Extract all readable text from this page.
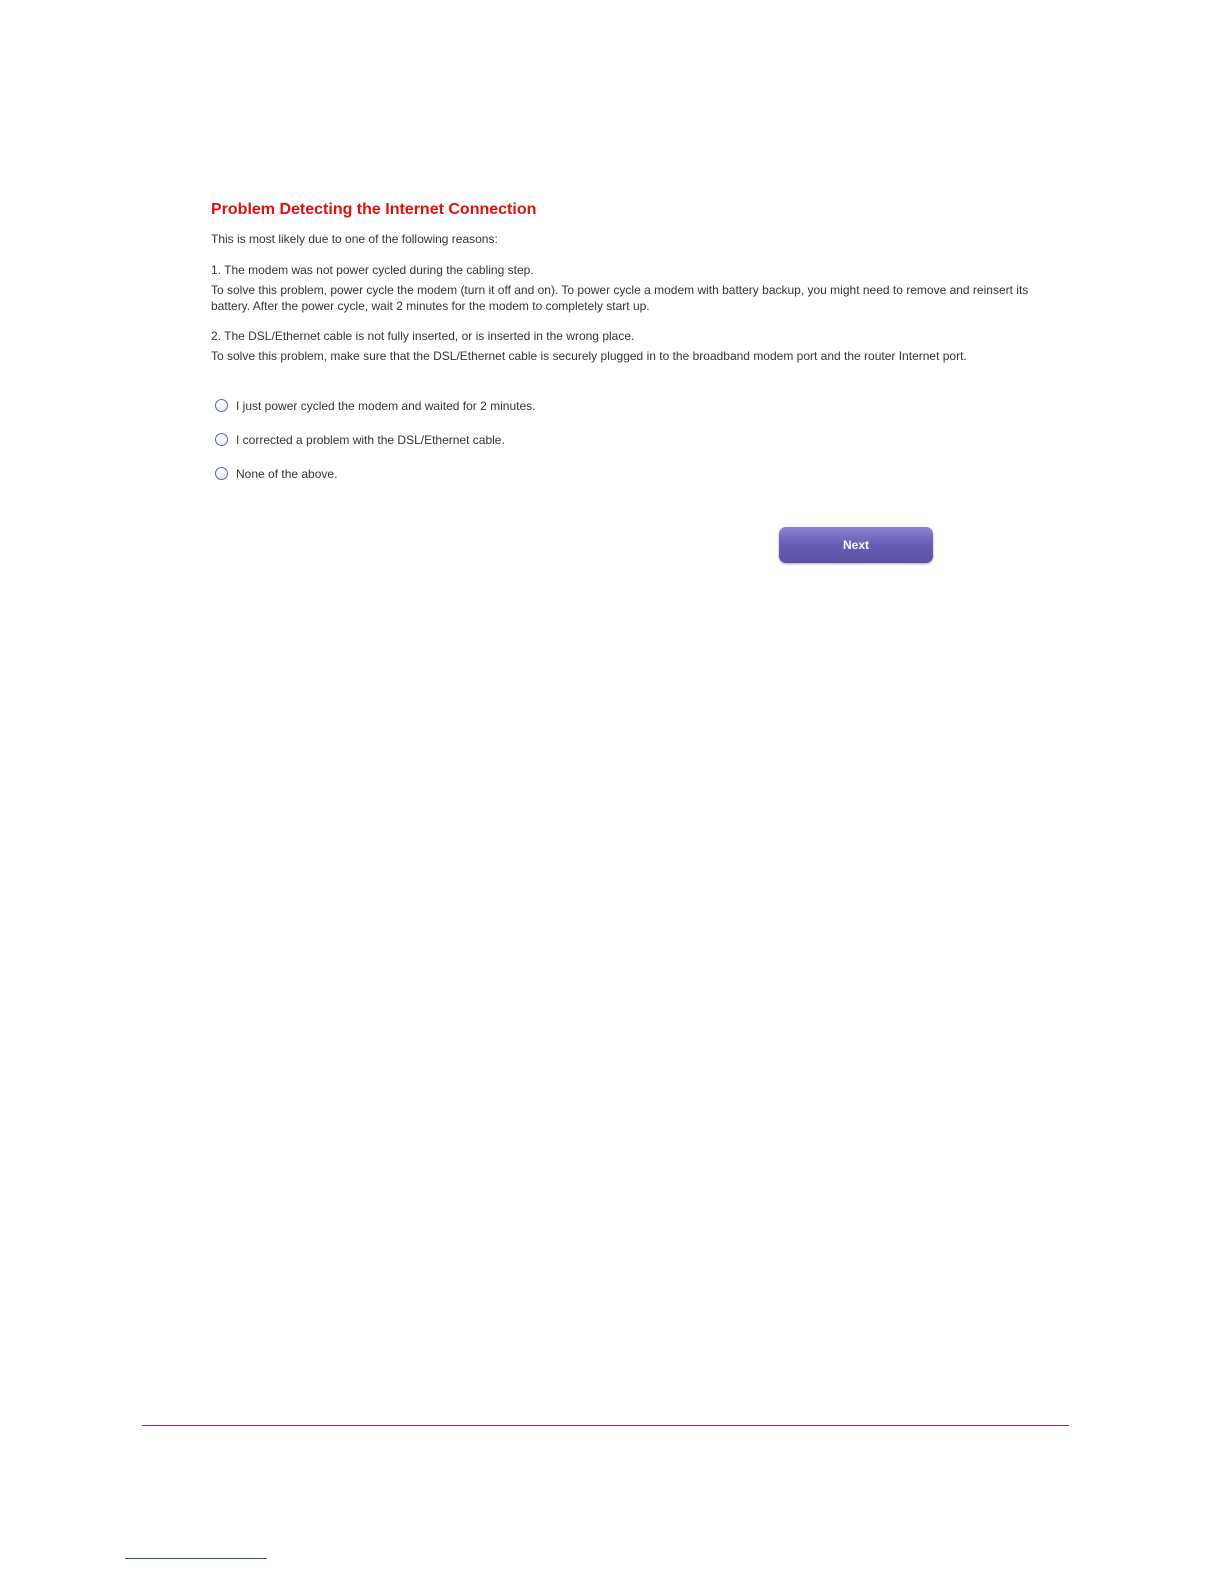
Problem Detecting the Internet Connection
This is most likely due to one of the following reasons:
1. The modem was not power cycled during the cabling step.
To solve this problem, power cycle the modem (turn it off and on). To power cycle a modem with battery backup, you might need to remove and reinsert its battery. After the power cycle, wait 2 minutes for the modem to completely start up.
2. The DSL/Ethernet cable is not fully inserted, or is inserted in the wrong place.
To solve this problem, make sure that the DSL/Ethernet cable is securely plugged in to the broadband modem port and the router Internet port.
I just power cycled the modem and waited for 2 minutes.
I corrected a problem with the DSL/Ethernet cable.
None of the above.
Next
